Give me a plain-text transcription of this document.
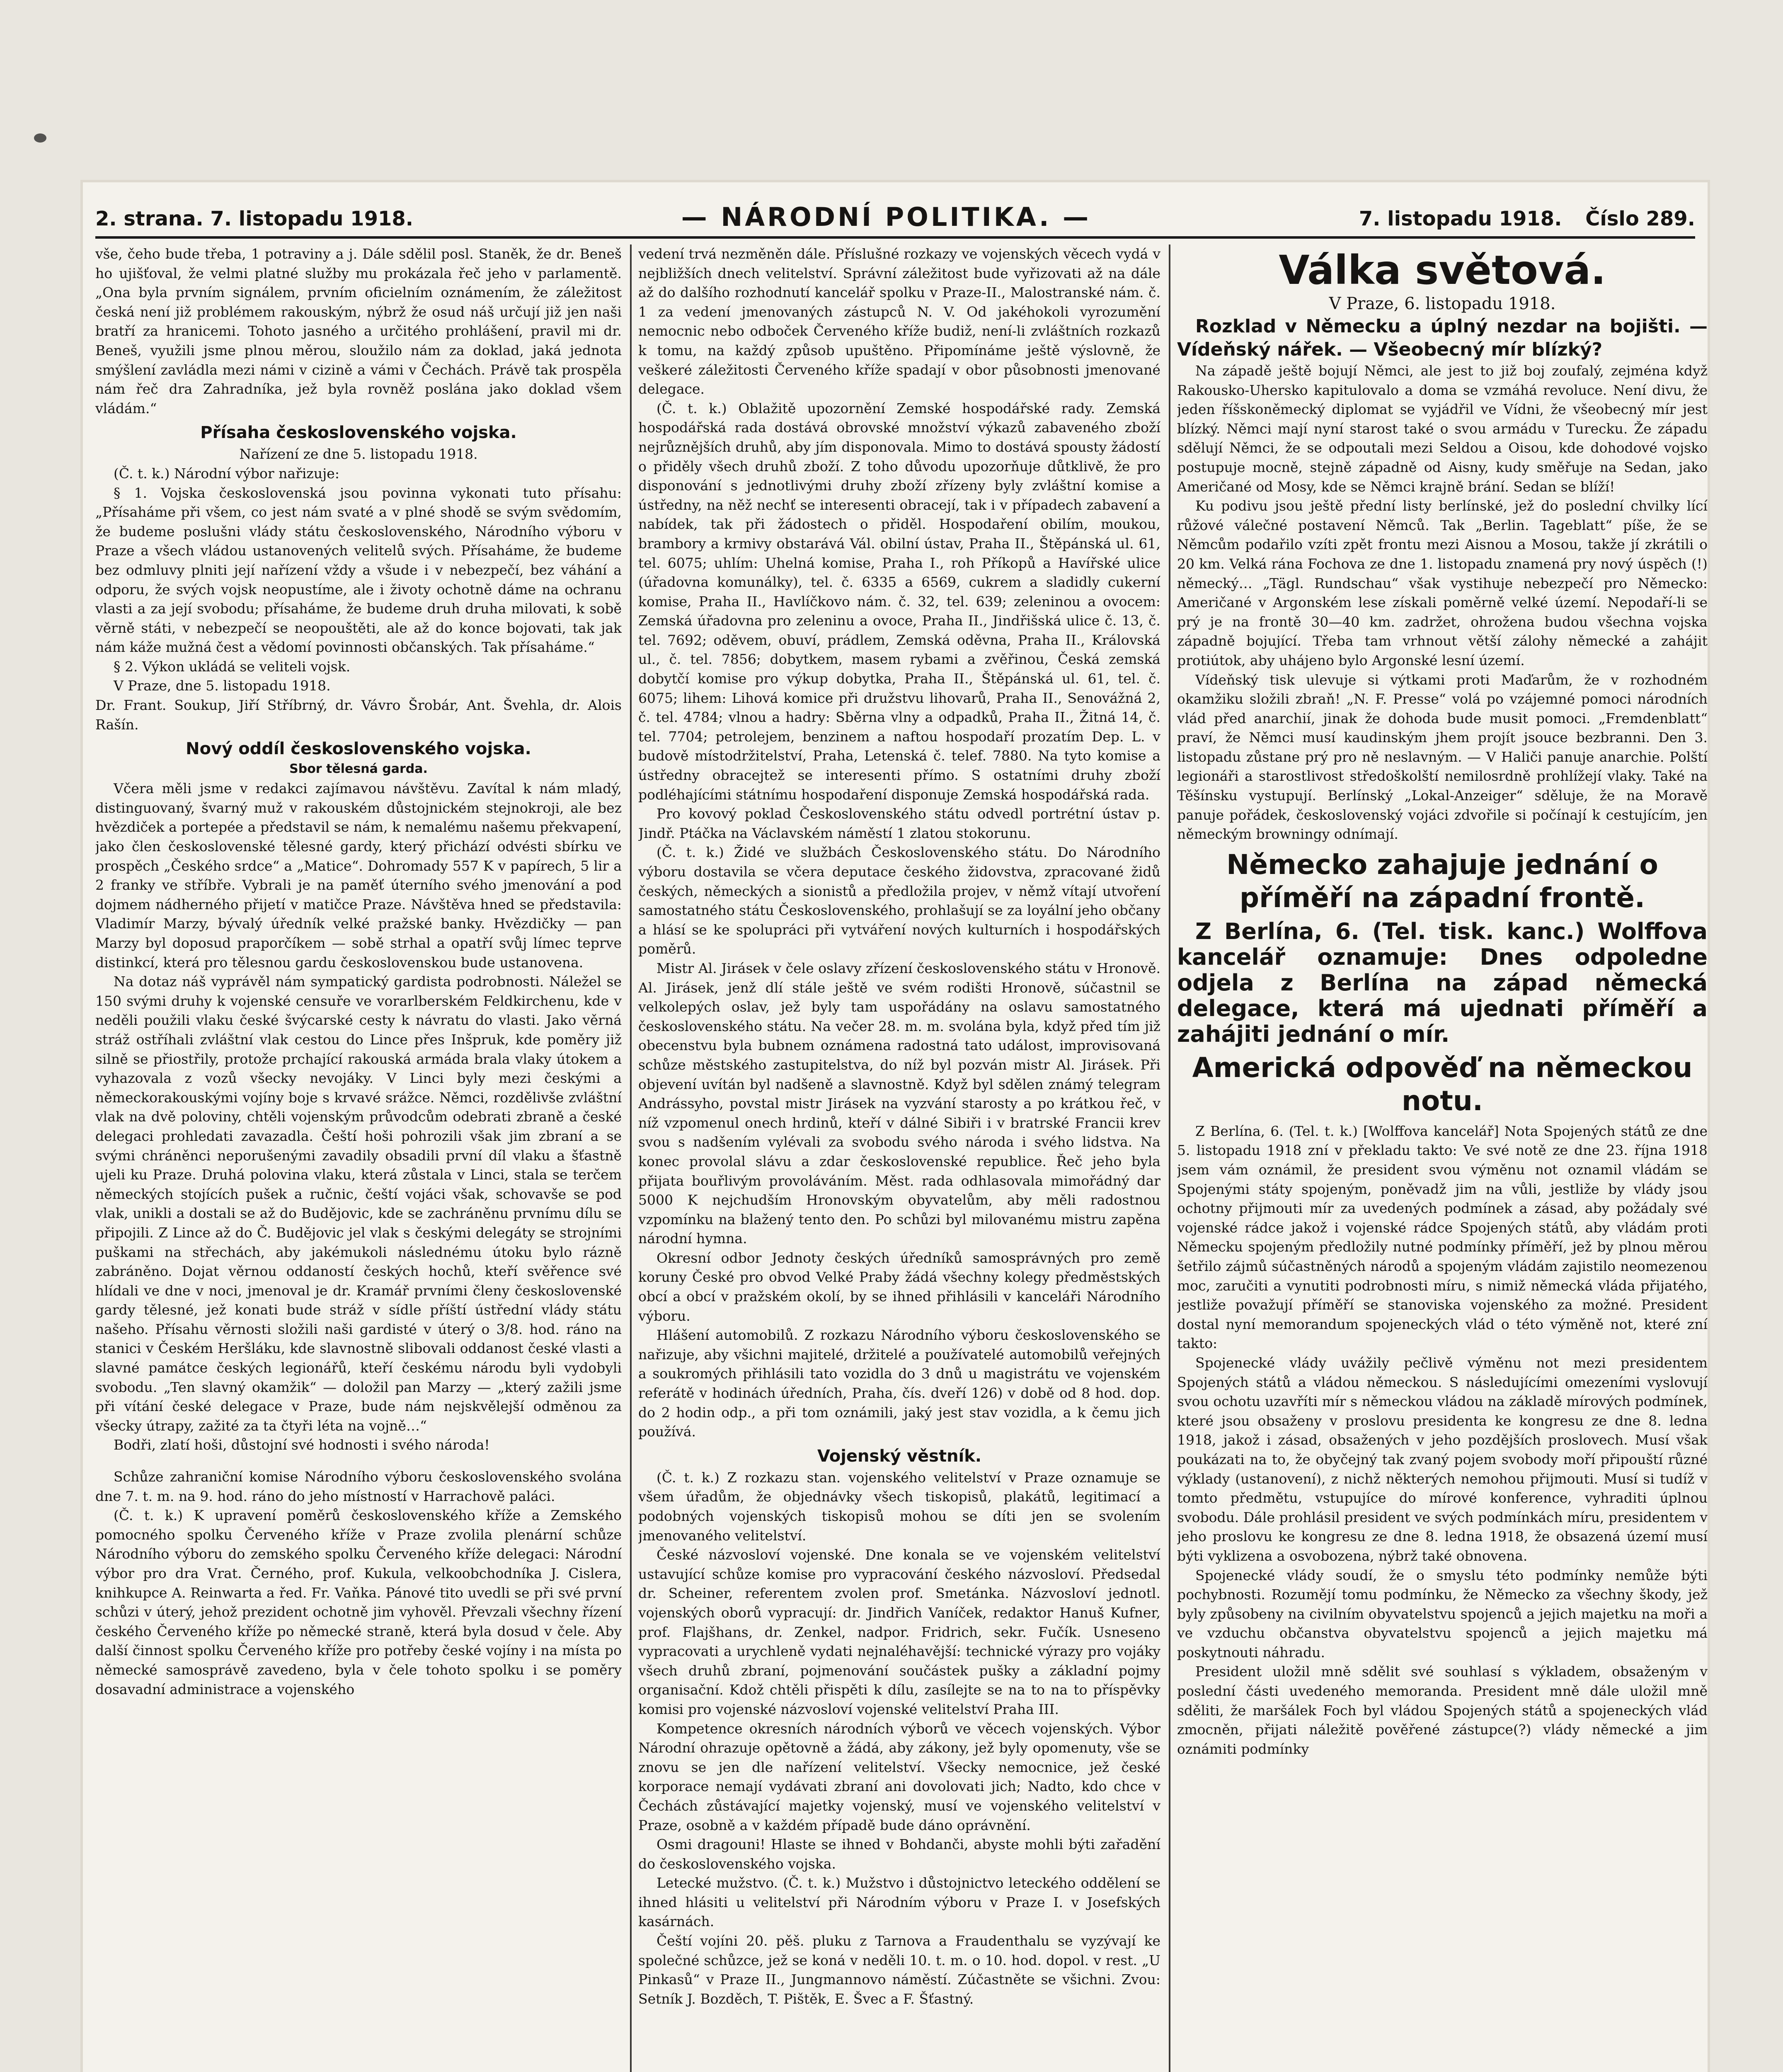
2. strana. 7. listopadu 1918.	— NÁRODNÍ POLITIKA. —	7. listopadu 1918. Číslo 289.

vše, čeho bude třeba, 1 potraviny a j. Dále sdělil posl. Staněk, že dr. Beneš ho ujišťoval, že velmi platné služby mu prokázala řeč jeho v parlamentě. „Ona byla prvním signálem, prvním oficielním oznámením, že záležitost česká není již problémem rakouským, nýbrž že osud náš určují již jen naši bratří za hranicemi. Tohoto jasného a určitého prohlášení, pravil mi dr. Beneš, využili jsme plnou měrou, sloužilo nám za doklad, jaká jednota smýšlení zavládla mezi námi v cizině a vámi v Čechách. Právě tak prospěla nám řeč dra Zahradníka, jež byla rovněž poslána jako doklad všem vládám.“

Přísaha československého vojska.

Nařízení ze dne 5. listopadu 1918.

(Č. t. k.) Národní výbor nařizuje:

§ 1. Vojska československá jsou povinna vykonati tuto přísahu: „Přísaháme při všem, co jest nám svaté a v plné shodě se svým svědomím, že budeme poslušni vlády státu československého, Národního výboru v Praze a všech vládou ustanovených velitelů svých. Přísaháme, že budeme bez odmluvy plniti její nařízení vždy a všude i v nebezpečí, bez váhání a odporu, že svých vojsk neopustíme, ale i životy ochotně dáme na ochranu vlasti a za její svobodu; přísaháme, že budeme druh druha milovati, k sobě věrně státi, v nebezpečí se neopouštěti, ale až do konce bojovati, tak jak nám káže mužná čest a vědomí povinnosti občanských. Tak přísaháme.“

§ 2. Výkon ukládá se veliteli vojsk.

V Praze, dne 5. listopadu 1918.

Dr. Frant. Soukup, Jiří Stříbrný, dr. Vávro Šrobár, Ant. Švehla, dr. Alois Rašín.

Nový oddíl československého vojska.
Sbor tělesná garda.

Včera měli jsme v redakci zajímavou návštěvu. Zavítal k nám mladý, distinguovaný, švarný muž v rakouském důstojnickém stejnokroji, ale bez hvězdiček a portepée a představil se nám, k nemalému našemu překvapení, jako člen československé tělesné gardy, který přichází odvésti sbírku ve prospěch „Českého srdce“ a „Matice“. Dohromady 557 K v papírech, 5 lir a 2 franky ve stříbře. Vybrali je na paměť úterního svého jmenování a pod dojmem nádherného přijetí v matičce Praze. Návštěva hned se představila: Vladimír Marzy, bývalý úředník velké pražské banky. Hvězdičky — pan Marzy byl doposud praporčíkem — sobě strhal a opatří svůj límec teprve distinkcí, která pro tělesnou gardu československou bude ustanovena.

Na dotaz náš vyprávěl nám sympatický gardista podrobnosti. Náležel se 150 svými druhy k vojenské censuře ve vorarlberském Feldkirchenu, kde v neděli použili vlaku české švýcarské cesty k návratu do vlasti. Jako věrná stráž ostříhali zvláštní vlak cestou do Lince přes Inšpruk, kde poměry již silně se přiostřily, protože prchající rakouská armáda brala vlaky útokem a vyhazovala z vozů všecky nevojáky. V Linci byly mezi českými a německorakouskými vojíny boje s krvavé srážce. Němci, rozdělivše zvláštní vlak na dvě poloviny, chtěli vojenským průvodcům odebrati zbraně a české delegaci prohledati zavazadla. Čeští hoši pohrozili však jim zbraní a se svými chráněnci neporušenými zavadily obsadili první díl vlaku a šťastně ujeli ku Praze. Druhá polovina vlaku, která zůstala v Linci, stala se terčem německých stojících pušek a ručnic, čeští vojáci však, schovavše se pod vlak, unikli a dostali se až do Budějovic, kde se zachráněnu prvnímu dílu se připojili. Z Lince až do Č. Budějovic jel vlak s českými delegáty se strojními puškami na střechách, aby jakémukoli následnému útoku bylo rázně zabráněno. Dojat věrnou oddaností českých hochů, kteří svěřence své hlídali ve dne v noci, jmenoval je dr. Kramář prvními členy československé gardy tělesné, jež konati bude stráž v sídle příští ústřední vlády státu našeho. Přísahu věrnosti složili naši gardisté v úterý o 3/8. hod. ráno na stanici v Českém Heršláku, kde slavnostně slibovali oddanost české vlasti a slavné památce českých legionářů, kteří českému národu byli vydobyli svobodu. „Ten slavný okamžik“ — doložil pan Marzy — „který zažili jsme při vítání české delegace v Praze, bude nám nejskvělejší odměnou za všecky útrapy, zažité za ta čtyři léta na vojně…“

Bodři, zlatí hoši, důstojní své hodnosti i svého národa!

Schůze zahraniční komise Národního výboru československého svolána dne 7. t. m. na 9. hod. ráno do jeho místností v Harrachově paláci.

(Č. t. k.) K upravení poměrů československého kříže a Zemského pomocného spolku Červeného kříže v Praze zvolila plenární schůze Národního výboru do zemského spolku Červeného kříže delegaci: Národní výbor pro dra Vrat. Černého, prof. Kukula, velkoobchodníka J. Cislera, knihkupce A. Reinwarta a řed. Fr. Vaňka. Pánové tito uvedli se při své první schůzi v úterý, jehož prezident ochotně jim vyhověl. Převzali všechny řízení českého Červeného kříže po německé straně, která byla dosud v čele. Aby další činnost spolku Červeného kříže pro potřeby české vojíny i na místa po německé samosprávě zavedeno, byla v čele tohoto spolku i se poměry dosavadní administrace a vojenského

vedení trvá nezměněn dále. Příslušné rozkazy ve vojenských věcech vydá v nejbližších dnech velitelství. Správní záležitost bude vyřizovati až na dále až do dalšího rozhodnutí kancelář spolku v Praze-II., Malostranské nám. č. 1 za vedení jmenovaných zástupců N. V. Od jakéhokoli vyrozumění nemocnic nebo odboček Červeného kříže budiž, není-li zvláštních rozkazů k tomu, na každý způsob upuštěno. Připomínáme ještě výslovně, že veškeré záležitosti Červeného kříže spadají v obor působnosti jmenované delegace.

(Č. t. k.) Oblažitě upozornění Zemské hospodářské rady. Zemská hospodářská rada dostává obrovské množství výkazů zabaveného zboží nejrůznějších druhů, aby jím disponovala. Mimo to dostává spousty žádostí o přiděly všech druhů zboží. Z toho důvodu upozorňuje důtklivě, že pro disponování s jednotlivými druhy zboží zřízeny byly zvláštní komise a ústředny, na něž nechť se interesenti obracejí, tak i v případech zabavení a nabídek, tak při žádostech o přiděl. Hospodaření obilím, moukou, brambory a krmivy obstarává Vál. obilní ústav, Praha II., Štěpánská ul. 61, tel. 6075; uhlím: Uhelná komise, Praha I., roh Příkopů a Havířské ulice (úřadovna komunálky), tel. č. 6335 a 6569, cukrem a sladidly cukerní komise, Praha II., Havlíčkovo nám. č. 32, tel. 639; zeleninou a ovocem: Zemská úřadovna pro zeleninu a ovoce, Praha II., Jindřišská ulice č. 13, č. tel. 7692; oděvem, obuví, prádlem, Zemská oděvna, Praha II., Královská ul., č. tel. 7856; dobytkem, masem rybami a zvěřinou, Česká zemská dobytčí komise pro výkup dobytka, Praha II., Štěpánská ul. 61, tel. č. 6075; lihem: Lihová komice při družstvu lihovarů, Praha II., Senovážná 2, č. tel. 4784; vlnou a hadry: Sběrna vlny a odpadků, Praha II., Žitná 14, č. tel. 7704; petrolejem, benzinem a naftou hospodaří prozatím Dep. L. v budově místodržitelství, Praha, Letenská č. telef. 7880. Na tyto komise a ústředny obracejtež se interesenti přímo. S ostatními druhy zboží podléhajícími státnímu hospodaření disponuje Zemská hospodářská rada.

Pro kovový poklad Československého státu odvedl portrétní ústav p. Jindř. Ptáčka na Václavském náměstí 1 zlatou stokorunu.

(Č. t. k.) Židé ve službách Československého státu. Do Národního výboru dostavila se včera deputace českého židovstva, zpracované židů českých, německých a sionistů a předložila projev, v němž vítají utvoření samostatného státu Československého, prohlašují se za loyální jeho občany a hlásí se ke spolupráci při vytváření nových kulturních i hospodářských poměrů.

Mistr Al. Jirásek v čele oslavy zřízení československého státu v Hronově. Al. Jirásek, jenž dlí stále ještě ve svém rodišti Hronově, súčastnil se velkolepých oslav, jež byly tam uspořádány na oslavu samostatného československého státu. Na večer 28. m. m. svolána byla, když před tím již obecenstvu byla bubnem oznámena radostná tato událost, improvisovaná schůze městského zastupitelstva, do níž byl pozván mistr Al. Jirásek. Při objevení uvítán byl nadšeně a slavnostně. Když byl sdělen známý telegram Andrássyho, povstal mistr Jirásek na vyzvání starosty a po krátkou řeč, v níž vzpomenul onech hrdinů, kteří v dálné Sibiři i v bratrské Francii krev svou s nadšením vylévali za svobodu svého národa i svého lidstva. Na konec provolal slávu a zdar československé republice. Řeč jeho byla přijata bouřlivým provoláváním. Měst. rada odhlasovala mimořádný dar 5000 K nejchudším Hronovským obyvatelům, aby měli radostnou vzpomínku na blažený tento den. Po schůzi byl milovanému mistru zapěna národní hymna.

Okresní odbor Jednoty českých úředníků samosprávných pro země koruny České pro obvod Velké Praby žádá všechny kolegy předměstských obcí a obcí v pražském okolí, by se ihned přihlásili v kanceláři Národního výboru.

Hlášení automobilů. Z rozkazu Národního výboru československého se nařizuje, aby všichni majitelé, držitelé a používatelé automobilů veřejných a soukromých přihlásili tato vozidla do 3 dnů u magistrátu ve vojenském referátě v hodinách úředních, Praha, čís. dveří 126) v době od 8 hod. dop. do 2 hodin odp., a při tom oznámili, jaký jest stav vozidla, a k čemu jich používá.

Vojenský věstník.

(Č. t. k.) Z rozkazu stan. vojenského velitelství v Praze oznamuje se všem úřadům, že objednávky všech tiskopisů, plakátů, legitimací a podobných vojenských tiskopisů mohou se díti jen se svolením jmenovaného velitelství.

České názvosloví vojenské. Dne konala se ve vojenském velitelství ustavující schůze komise pro vypracování českého názvosloví. Předsedal dr. Scheiner, referentem zvolen prof. Smetánka. Názvosloví jednotl. vojenských oborů vypracují: dr. Jindřich Vaníček, redaktor Hanuš Kufner, prof. Flajšhans, dr. Zenkel, nadpor. Fridrich, sekr. Fučík. Usneseno vypracovati a urychleně vydati nejnaléhavější: technické výrazy pro vojáky všech druhů zbraní, pojmenování součástek pušky a základní pojmy organisační. Kdož chtěli přispěti k dílu, zasílejte se na to na to příspěvky komisi pro vojenské názvosloví vojenské velitelství Praha III.

Kompetence okresních národních výborů ve věcech vojenských. Výbor Národní ohrazuje opětovně a žádá, aby zákony, jež byly opomenuty, vše se znovu se jen dle nařízení velitelství. Všecky nemocnice, jež české korporace nemají vydávati zbraní ani dovolovati jich; Nadto, kdo chce v Čechách zůstávající majetky vojenský, musí ve vojenského velitelství v Praze, osobně a v každém případě bude dáno oprávnění.

Osmi dragouni! Hlaste se ihned v Bohdanči, abyste mohli býti zařadění do československého vojska.

Letecké mužstvo. (Č. t. k.) Mužstvo i důstojnictvo leteckého oddělení se ihned hlásiti u velitelství při Národním výboru v Praze I. v Josefských kasárnách.

Čeští vojíni 20. pěš. pluku z Tarnova a Fraudenthalu se vyzývají ke společné schůzce, jež se koná v neděli 10. t. m. o 10. hod. dopol. v rest. „U Pinkasů“ v Praze II., Jungmannovo náměstí. Zúčastněte se všichni. Zvou: Setník J. Bozděch, T. Pištěk, E. Švec a F. Šťastný.

Válka světová.

V Praze, 6. listopadu 1918.

Rozklad v Německu a úplný nezdar na bojišti. — Vídeňský nářek. — Všeobecný mír blízký?

Na západě ještě bojují Němci, ale jest to již boj zoufalý, zejména když Rakousko-Uhersko kapitulovalo a doma se vzmáhá revoluce. Není divu, že jeden říšskoněmecký diplomat se vyjádřil ve Vídni, že všeobecný mír jest blízký. Němci mají nyní starost také o svou armádu v Turecku. Že západu sdělují Němci, že se odpoutali mezi Seldou a Oisou, kde dohodové vojsko postupuje mocně, stejně západně od Aisny, kudy směřuje na Sedan, jako Američané od Mosy, kde se Němci krajně brání. Sedan se blíží!

Ku podivu jsou ještě přední listy berlínské, jež do poslední chvilky lící růžové válečné postavení Němců. Tak „Berlin. Tageblatt“ píše, že se Němcům podařilo vzíti zpět frontu mezi Aisnou a Mosou, takže jí zkrátili o 20 km. Velká rána Fochova ze dne 1. listopadu znamená pry nový úspěch (!) německý… „Tägl. Rundschau“ však vystihuje nebezpečí pro Německo: Američané v Argonském lese získali poměrně velké území. Nepodaří-li se prý je na frontě 30—40 km. zadržet, ohrožena budou všechna vojska západně bojující. Třeba tam vrhnout větší zálohy německé a zahájit protiútok, aby uhájeno bylo Argonské lesní území.

Vídeňský tisk ulevuje si výtkami proti Maďarům, že v rozhodném okamžiku složili zbraň! „N. F. Presse“ volá po vzájemné pomoci národních vlád před anarchií, jinak že dohoda bude musit pomoci. „Fremdenblatt“ praví, že Němci musí kaudinským jhem projít jsouce bezbranni. Den 3. listopadu zůstane prý pro ně neslavným. — V Haliči panuje anarchie. Polští legionáři a starostlivost středoškolští nemilosrdně prohlížejí vlaky. Také na Těšínsku vystupují. Berlínský „Lokal-Anzeiger“ sděluje, že na Moravě panuje pořádek, československý vojáci zdvořile si počínají k cestujícím, jen německým browningy odnímají.

Německo zahajuje jednání o příměří na západní frontě.

Z Berlína, 6. (Tel. tisk. kanc.) Wolffova kancelář oznamuje: Dnes odpoledne odjela z Berlína na západ německá delegace, která má ujednati příměří a zahájiti jednání o mír.

Americká odpověď na německou notu.

Z Berlína, 6. (Tel. t. k.) [Wolffova kancelář] Nota Spojených států ze dne 5. listopadu 1918 zní v překladu takto: Ve své notě ze dne 23. října 1918 jsem vám oznámil, že president svou výměnu not oznamil vládám se Spojenými státy spojeným, poněvadž jim na vůli, jestliže by vlády jsou ochotny přijmouti mír za uvedených podmínek a zásad, aby požádaly své vojenské rádce jakož i vojenské rádce Spojených států, aby vládám proti Německu spojeným předložily nutné podmínky příměří, jež by plnou měrou šetřilo zájmů súčastněných národů a spojeným vládám zajistilo neomezenou moc, zaručiti a vynutiti podrobnosti míru, s nimiž německá vláda přijatého, jestliže považují příměří se stanoviska vojenského za možné. President dostal nyní memorandum spojeneckých vlád o této výměně not, které zní takto:

Spojenecké vlády uvážily pečlivě výměnu not mezi presidentem Spojených států a vládou německou. S následujícími omezeními vyslovují svou ochotu uzavříti mír s německou vládou na základě mírových podmínek, které jsou obsaženy v proslovu presidenta ke kongresu ze dne 8. ledna 1918, jakož i zásad, obsažených v jeho pozdějších proslovech. Musí však poukázati na to, že obyčejný tak zvaný pojem svobody moří připouští různé výklady (ustanovení), z nichž některých nemohou přijmouti. Musí si tudíž v tomto předmětu, vstupujíce do mírové konference, vyhraditi úplnou svobodu. Dále prohlásil president ve svých podmínkách míru, presidentem v jeho proslovu ke kongresu ze dne 8. ledna 1918, že obsazená území musí býti vyklizena a osvobozena, nýbrž také obnovena.

Spojenecké vlády soudí, že o smyslu této podmínky nemůže býti pochybnosti. Rozumějí tomu podmínku, že Německo za všechny škody, jež byly způsobeny na civilním obyvatelstvu spojenců a jejich majetku na moři a ve vzduchu občanstva obyvatelstvu spojenců a jejich majetku má poskytnouti náhradu.

President uložil mně sdělit své souhlasí s výkladem, obsaženým v poslední části uvedeného memoranda. President mně dále uložil mně sděliti, že maršálek Foch byl vládou Spojených států a spojeneckých vlád zmocněn, přijati náležitě pověřené zástupce(?) vlády německé a jim oznámiti podmínky
